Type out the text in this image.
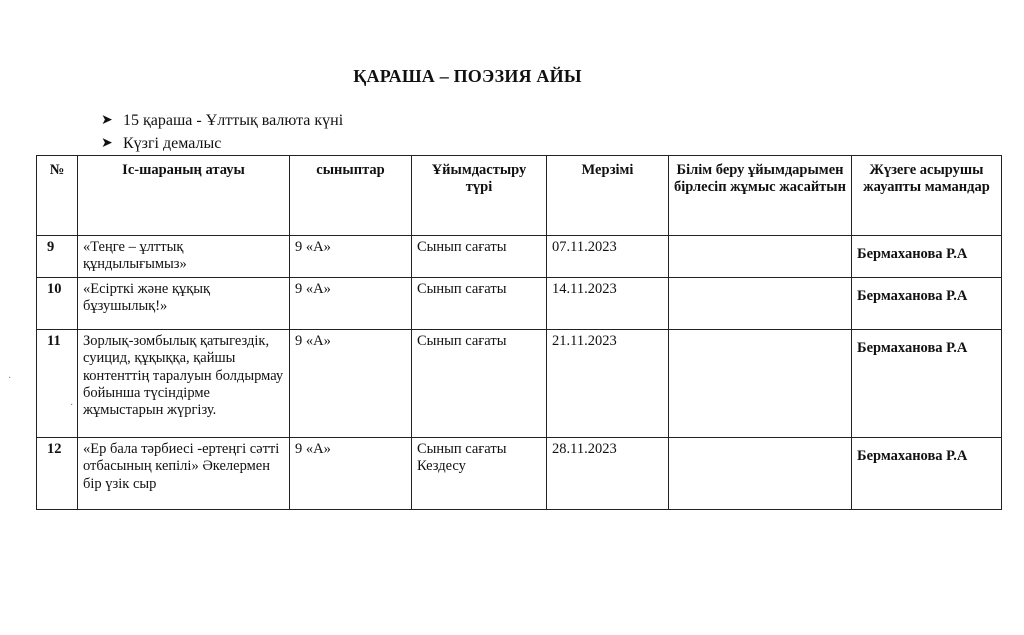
ҚАРАША – ПОЭЗИЯ АЙЫ
➤ 15 қараша - Ұлттық валюта күні
➤ Күзгі демалыс
№	Іс-шараның атауы	сыныптар	Ұйымдастыру түрі	Мерзімі	Білім беру ұйымдарымен бірлесіп жұмыс жасайтын	Жүзеге асырушы жауапты мамандар
9	«Теңге – ұлттық құндылығымыз»	9 «А»	Сынып сағаты	07.11.2023		Бермаханова Р.А
10	«Есірткі және құқық бұзушылық!»	9 «А»	Сынып сағаты	14.11.2023		Бермаханова Р.А
11	Зорлық-зомбылық қатыгездік, суицид, құқыққа, қайшы контенттің таралуын болдырмау бойынша түсіндірме жұмыстарын жүргізу.	9 «А»	Сынып сағаты	21.11.2023		Бермаханова Р.А
12	«Ер бала тәрбиесі -ертеңгі сәтті отбасының кепілі» Әкелермен бір үзік сыр	9 «А»	Сынып сағаты Кездесу	28.11.2023		Бермаханова Р.А
·
·
